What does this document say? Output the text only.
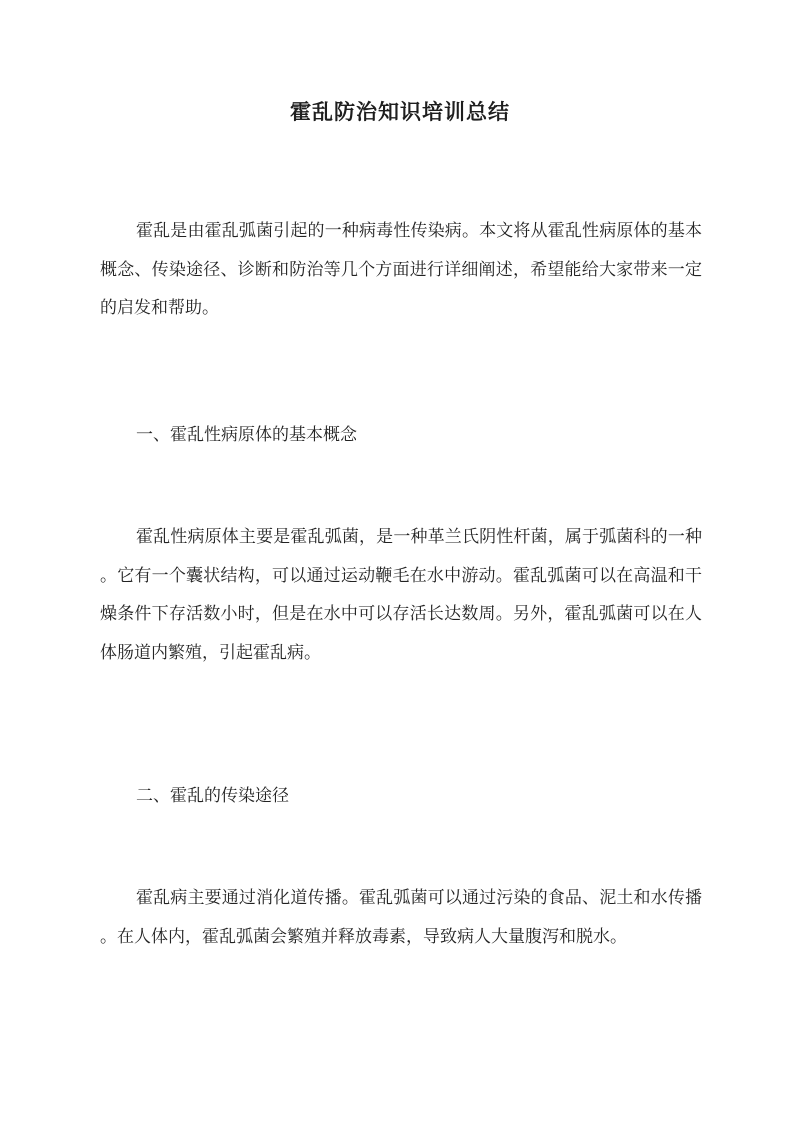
霍乱防治知识培训总结
霍乱是由霍乱弧菌引起的一种病毒性传染病。本文将从霍乱性病原体的基本概念、传染途径、诊断和防治等几个方面进行详细阐述，希望能给大家带来一定的启发和帮助。
一、霍乱性病原体的基本概念
霍乱性病原体主要是霍乱弧菌，是一种革兰氏阴性杆菌，属于弧菌科的一种。它有一个囊状结构，可以通过运动鞭毛在水中游动。霍乱弧菌可以在高温和干燥条件下存活数小时，但是在水中可以存活长达数周。另外，霍乱弧菌可以在人体肠道内繁殖，引起霍乱病。
二、霍乱的传染途径
霍乱病主要通过消化道传播。霍乱弧菌可以通过污染的食品、泥土和水传播。在人体内，霍乱弧菌会繁殖并释放毒素，导致病人大量腹泻和脱水。
